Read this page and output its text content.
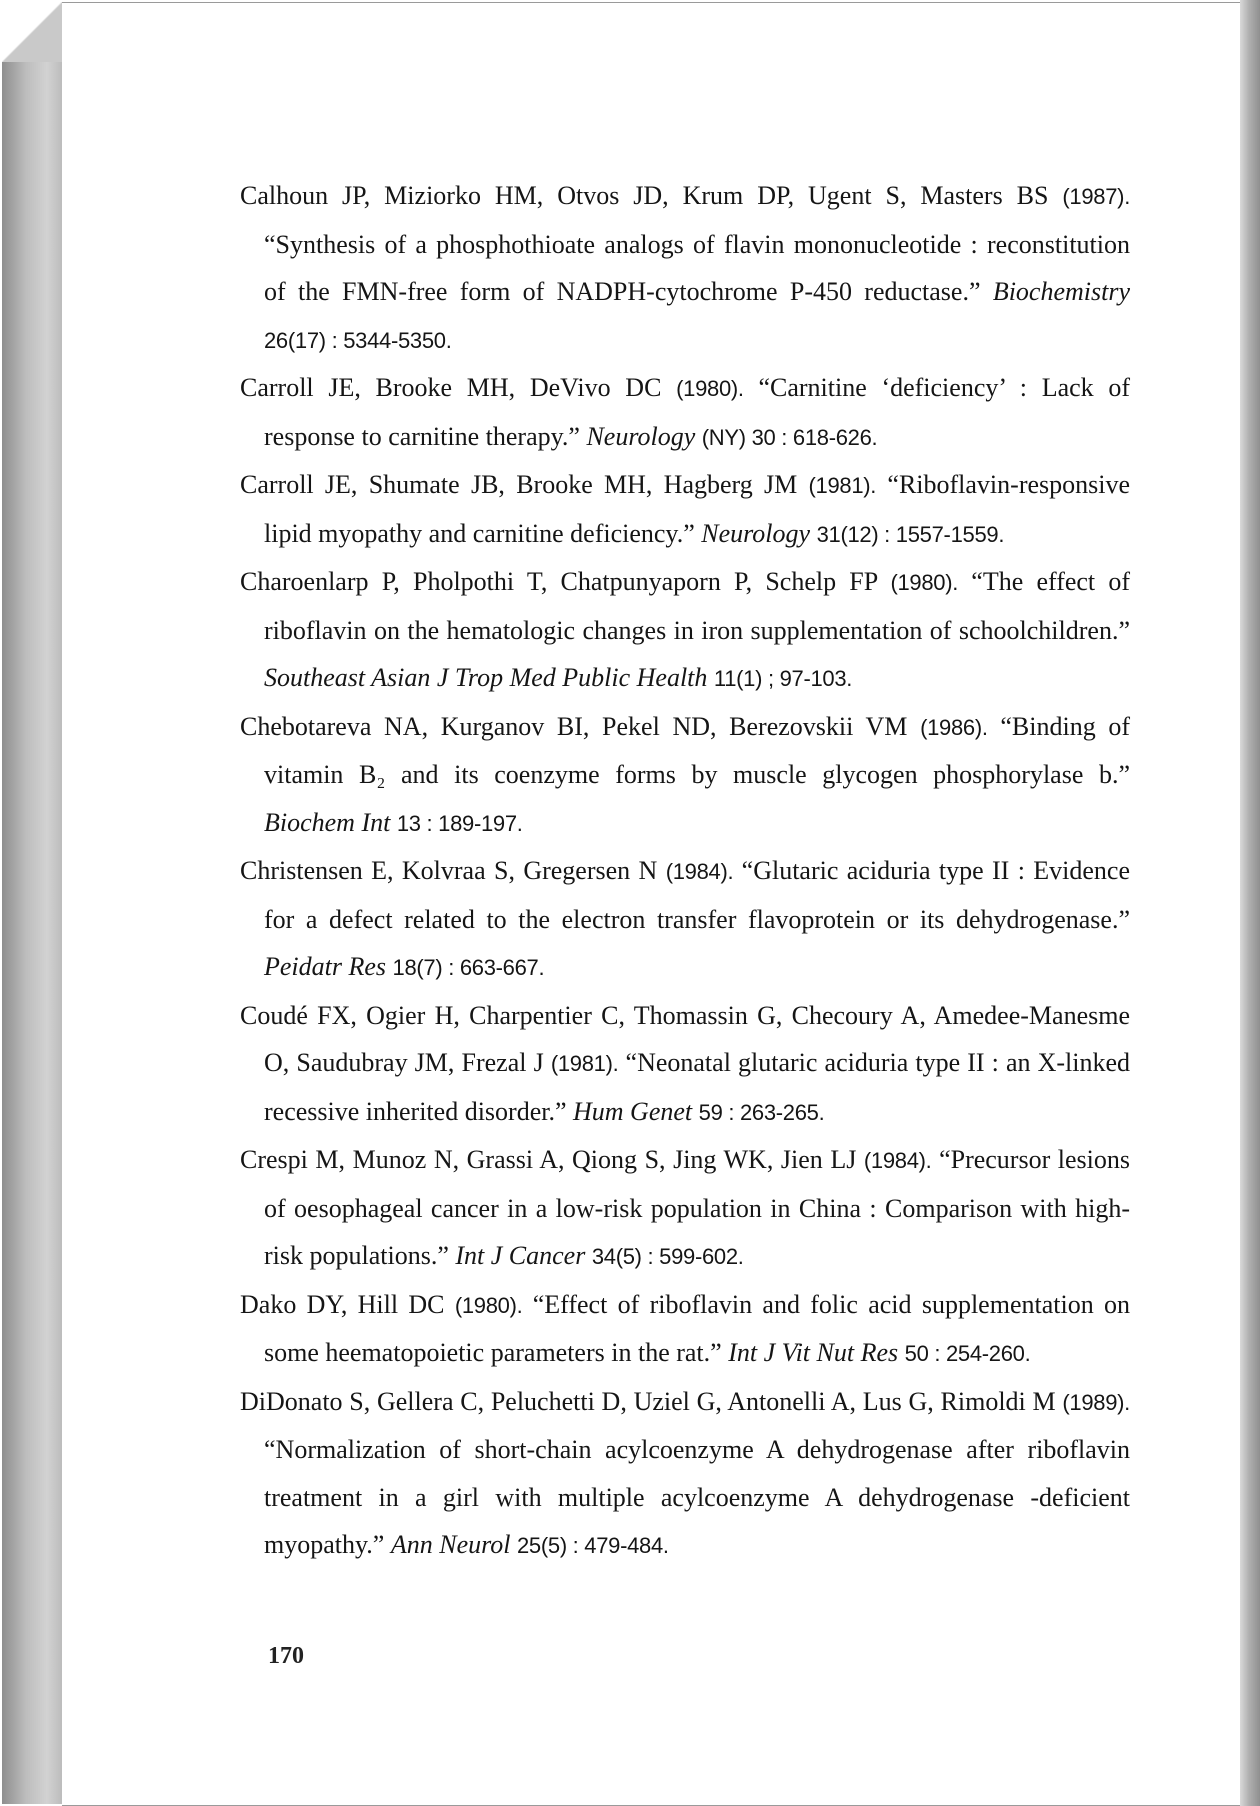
Calhoun JP, Miziorko HM, Otvos JD, Krum DP, Ugent S, Masters BS (1987). “Synthesis of a phosphothioate analogs of flavin mononucleotide : reconstitution of the FMN-free form of NADPH-cytochrome P-450 reductase.” Biochemistry 26(17) : 5344-5350.
Carroll JE, Brooke MH, DeVivo DC (1980). “Carnitine ‘deficiency’ : Lack of response to carnitine therapy.” Neurology (NY) 30 : 618-626.
Carroll JE, Shumate JB, Brooke MH, Hagberg JM (1981). “Riboflavin-responsive lipid myopathy and carnitine deficiency.” Neurology 31(12) : 1557-1559.
Charoenlarp P, Pholpothi T, Chatpunyaporn P, Schelp FP (1980). “The effect of riboflavin on the hematologic changes in iron supplementation of schoolchildren.” Southeast Asian J Trop Med Public Health 11(1) ; 97-103.
Chebotareva NA, Kurganov BI, Pekel ND, Berezovskii VM (1986). “Binding of vitamin B₂ and its coenzyme forms by muscle glycogen phosphorylase b.” Biochem Int 13 : 189-197.
Christensen E, Kolvraa S, Gregersen N (1984). “Glutaric aciduria type II : Evidence for a defect related to the electron transfer flavoprotein or its dehydrogenase.” Peidatr Res 18(7) : 663-667.
Coudé FX, Ogier H, Charpentier C, Thomassin G, Checoury A, Amedee-Manesme O, Saudubray JM, Frezal J (1981). “Neonatal glutaric aciduria type II : an X-linked recessive inherited disorder.” Hum Genet 59 : 263-265.
Crespi M, Munoz N, Grassi A, Qiong S, Jing WK, Jien LJ (1984). “Precursor lesions of oesophageal cancer in a low-risk population in China : Comparison with high-risk populations.” Int J Cancer 34(5) : 599-602.
Dako DY, Hill DC (1980). “Effect of riboflavin and folic acid supplementation on some heematopoietic parameters in the rat.” Int J Vit Nut Res 50 : 254-260.
DiDonato S, Gellera C, Peluchetti D, Uziel G, Antonelli A, Lus G, Rimoldi M (1989). “Normalization of short-chain acylcoenzyme A dehydrogenase after riboflavin treatment in a girl with multiple acylcoenzyme A dehydrogenase -deficient myopathy.” Ann Neurol 25(5) : 479-484.
170
